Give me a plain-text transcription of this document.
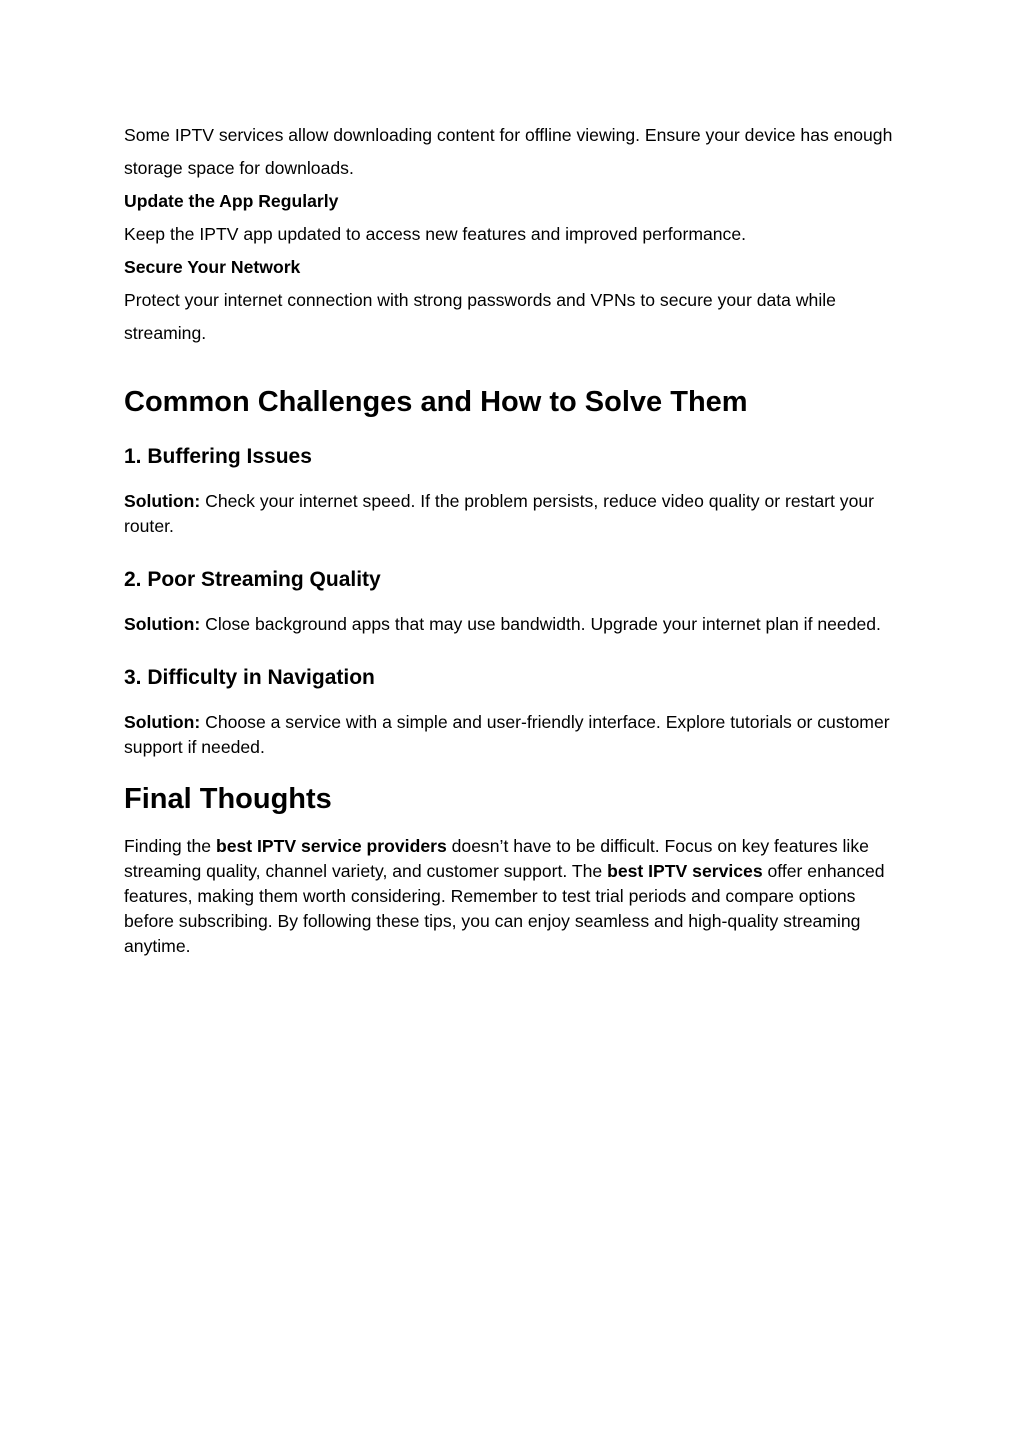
Some IPTV services allow downloading content for offline viewing. Ensure your device has enough storage space for downloads.

Update the App Regularly

Keep the IPTV app updated to access new features and improved performance.

Secure Your Network

Protect your internet connection with strong passwords and VPNs to secure your data while streaming.

Common Challenges and How to Solve Them
1. Buffering Issues

Solution: Check your internet speed. If the problem persists, reduce video quality or restart your router.

2. Poor Streaming Quality

Solution: Close background apps that may use bandwidth. Upgrade your internet plan if needed.

3. Difficulty in Navigation

Solution: Choose a service with a simple and user-friendly interface. Explore tutorials or customer support if needed.

Final Thoughts

Finding the best IPTV service providers doesn’t have to be difficult. Focus on key features like streaming quality, channel variety, and customer support. The best IPTV services offer enhanced features, making them worth considering. Remember to test trial periods and compare options before subscribing. By following these tips, you can enjoy seamless and high-quality streaming anytime.
